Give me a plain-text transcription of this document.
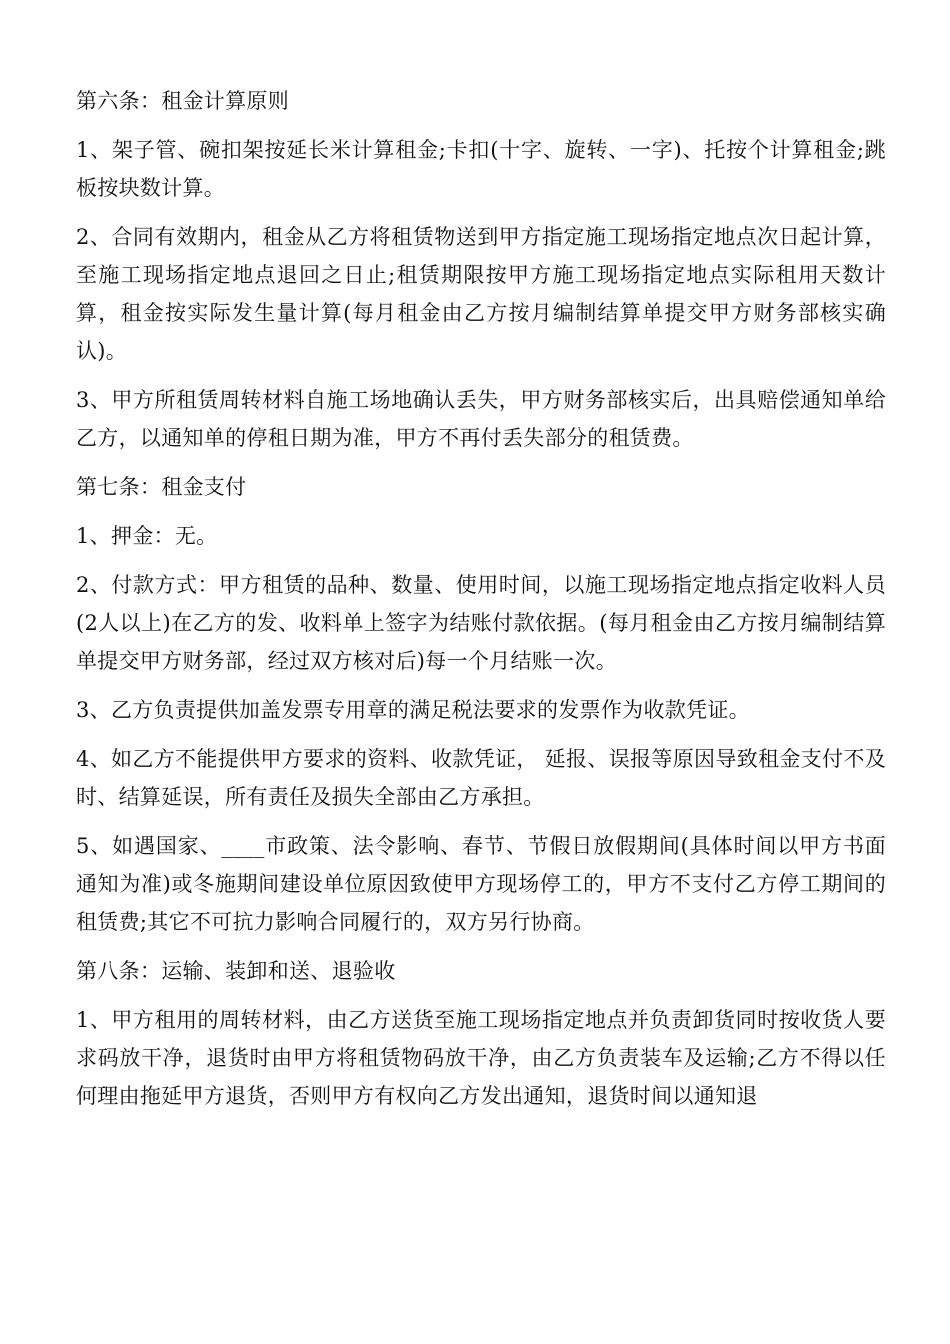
第六条：租金计算原则

1、架子管、碗扣架按延长米计算租金;卡扣(十字、旋转、一字)、托按个计算租金;跳板按块数计算。

2、合同有效期内，租金从乙方将租赁物送到甲方指定施工现场指定地点次日起计算，至施工现场指定地点退回之日止;租赁期限按甲方施工现场指定地点实际租用天数计算，租金按实际发生量计算(每月租金由乙方按月编制结算单提交甲方财务部核实确认)。

3、甲方所租赁周转材料自施工场地确认丢失，甲方财务部核实后，出具赔偿通知单给乙方，以通知单的停租日期为准，甲方不再付丢失部分的租赁费。

第七条：租金支付

1、押金：无。

2、付款方式：甲方租赁的品种、数量、使用时间，以施工现场指定地点指定收料人员(2人以上)在乙方的发、收料单上签字为结账付款依据。(每月租金由乙方按月编制结算单提交甲方财务部，经过双方核对后)每一个月结账一次。

3、乙方负责提供加盖发票专用章的满足税法要求的发票作为收款凭证。

4、如乙方不能提供甲方要求的资料、收款凭证， 延报、误报等原因导致租金支付不及时、结算延误，所有责任及损失全部由乙方承担。

5、如遇国家、____市政策、法令影响、春节、节假日放假期间(具体时间以甲方书面通知为准)或冬施期间建设单位原因致使甲方现场停工的，甲方不支付乙方停工期间的租赁费;其它不可抗力影响合同履行的，双方另行协商。

第八条：运输、装卸和送、退验收

1、甲方租用的周转材料，由乙方送货至施工现场指定地点并负责卸货同时按收货人要求码放干净，退货时由甲方将租赁物码放干净，由乙方负责装车及运输;乙方不得以任何理由拖延甲方退货，否则甲方有权向乙方发出通知，退货时间以通知退
